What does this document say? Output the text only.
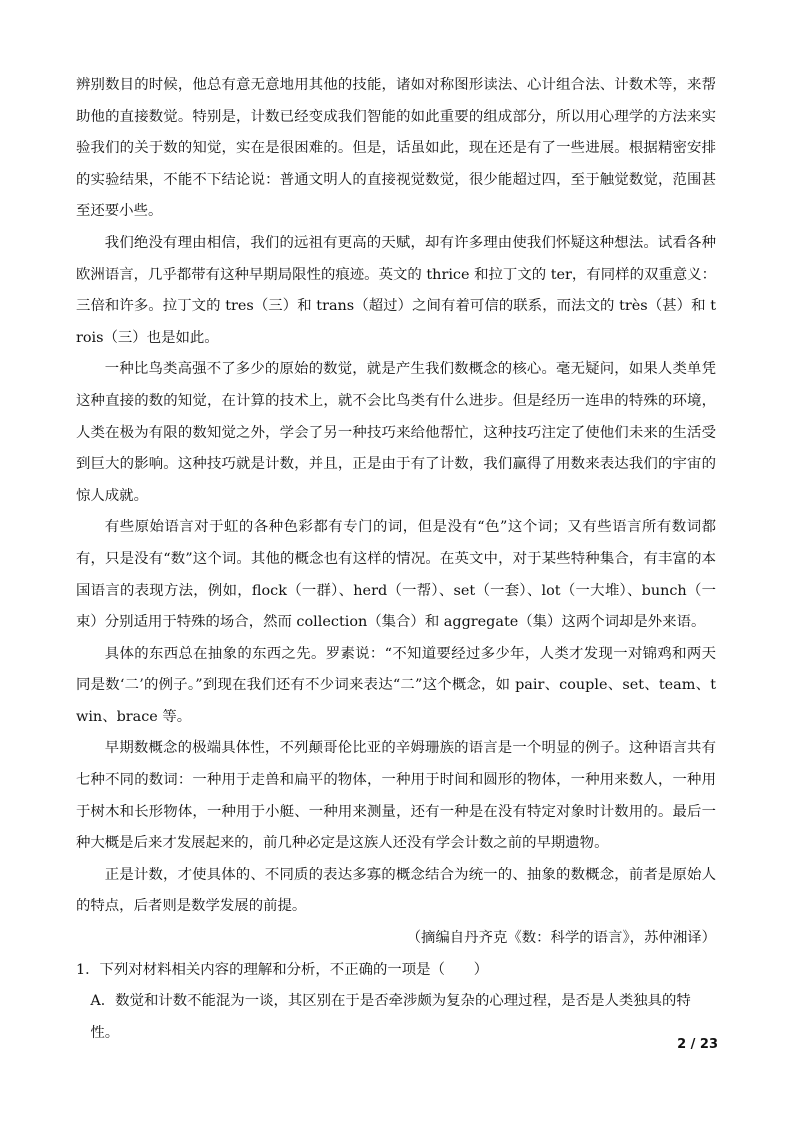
辨别数目的时候，他总有意无意地用其他的技能，诸如对称图形读法、心计组合法、计数术等，来帮助他的直接数觉。特别是，计数已经变成我们智能的如此重要的组成部分，所以用心理学的方法来实验我们的关于数的知觉，实在是很困难的。但是，话虽如此，现在还是有了一些进展。根据精密安排的实验结果，不能不下结论说：普通文明人的直接视觉数觉，很少能超过四，至于触觉数觉，范围甚至还要小些。

我们绝没有理由相信，我们的远祖有更高的天赋，却有许多理由使我们怀疑这种想法。试看各种欧洲语言，几乎都带有这种早期局限性的痕迹。英文的 thrice 和拉丁文的 ter，有同样的双重意义：三倍和许多。拉丁文的 tres（三）和 trans（超过）之间有着可信的联系，而法文的 très（甚）和 trois（三）也是如此。

一种比鸟类高强不了多少的原始的数觉，就是产生我们数概念的核心。毫无疑问，如果人类单凭这种直接的数的知觉，在计算的技术上，就不会比鸟类有什么进步。但是经历一连串的特殊的环境，人类在极为有限的数知觉之外，学会了另一种技巧来给他帮忙，这种技巧注定了使他们未来的生活受到巨大的影响。这种技巧就是计数，并且，正是由于有了计数，我们赢得了用数来表达我们的宇宙的惊人成就。

有些原始语言对于虹的各种色彩都有专门的词，但是没有“色”这个词；又有些语言所有数词都有，只是没有“数”这个词。其他的概念也有这样的情况。在英文中，对于某些特种集合，有丰富的本国语言的表现方法，例如，flock（一群）、herd（一帮）、set（一套）、lot（一大堆）、bunch（一束）分别适用于特殊的场合，然而 collection（集合）和 aggregate（集）这两个词却是外来语。

具体的东西总在抽象的东西之先。罗素说：“不知道要经过多少年，人类才发现一对锦鸡和两天同是数‘二’的例子。”到现在我们还有不少词来表达“二”这个概念，如 pair、couple、set、team、twin、brace 等。

早期数概念的极端具体性，不列颠哥伦比亚的辛姆珊族的语言是一个明显的例子。这种语言共有七种不同的数词：一种用于走兽和扁平的物体，一种用于时间和圆形的物体，一种用来数人，一种用于树木和长形物体，一种用于小艇、一种用来测量，还有一种是在没有特定对象时计数用的。最后一种大概是后来才发展起来的，前几种必定是这族人还没有学会计数之前的早期遗物。

正是计数，才使具体的、不同质的表达多寡的概念结合为统一的、抽象的数概念，前者是原始人的特点，后者则是数学发展的前提。

（摘编自丹齐克《数：科学的语言》，苏仲湘译）

1．下列对材料相关内容的理解和分析，不正确的一项是（　　）

A．数觉和计数不能混为一谈，其区别在于是否牵涉颇为复杂的心理过程，是否是人类独具的特性。

2 / 23
